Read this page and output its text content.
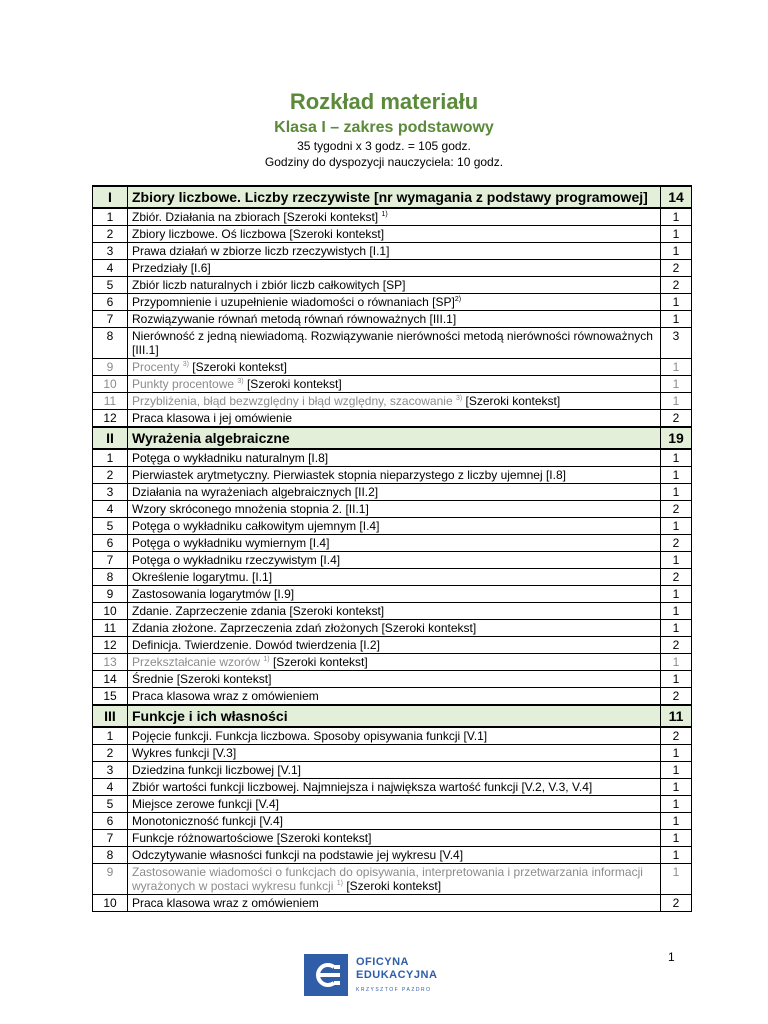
Rozkład materiału
Klasa I – zakres podstawowy
35 tygodni x 3 godz. = 105 godz.
Godziny do dyspozycji nauczyciela: 10 godz.
I	Zbiory liczbowe. Liczby rzeczywiste [nr wymagania z podstawy programowej]	14
1	Zbiór. Działania na zbiorach [Szeroki kontekst] $^{1)}$	1
2	Zbiory liczbowe. Oś liczbowa [Szeroki kontekst]	1
3	Prawa działań w zbiorze liczb rzeczywistych [I.1]	1
4	Przedziały [I.6]	2
5	Zbiór liczb naturalnych i zbiór liczb całkowitych [SP]	2
6	Przypomnienie i uzupełnienie wiadomości o równaniach [SP]$^{2)}$	1
7	Rozwiązywanie równań metodą równań równoważnych [III.1]	1
8	Nierówność z jedną niewiadomą. Rozwiązywanie nierówności metodą nierówności równoważnych [III.1]	3
9	Procenty $^{3)}$ [Szeroki kontekst]	1
10	Punkty procentowe $^{3)}$ [Szeroki kontekst]	1
11	Przybliżenia, błąd bezwzględny i błąd względny, szacowanie $^{3)}$ [Szeroki kontekst]	1
12	Praca klasowa i jej omówienie	2
II	Wyrażenia algebraiczne	19
1	Potęga o wykładniku naturalnym [I.8]	1
2	Pierwiastek arytmetyczny. Pierwiastek stopnia nieparzystego z liczby ujemnej [I.8]	1
3	Działania na wyrażeniach algebraicznych [II.2]	1
4	Wzory skróconego mnożenia stopnia 2. [II.1]	2
5	Potęga o wykładniku całkowitym ujemnym [I.4]	1
6	Potęga o wykładniku wymiernym [I.4]	2
7	Potęga o wykładniku rzeczywistym [I.4]	1
8	Określenie logarytmu. [I.1]	2
9	Zastosowania logarytmów [I.9]	1
10	Zdanie. Zaprzeczenie zdania [Szeroki kontekst]	1
11	Zdania złożone. Zaprzeczenia zdań złożonych [Szeroki kontekst]	1
12	Definicja. Twierdzenie. Dowód twierdzenia [I.2]	2
13	Przekształcanie wzorów $^{1)}$ [Szeroki kontekst]	1
14	Średnie [Szeroki kontekst]	1
15	Praca klasowa wraz z omówieniem	2
III	Funkcje i ich własności	11
1	Pojęcie funkcji. Funkcja liczbowa. Sposoby opisywania funkcji [V.1]	2
2	Wykres funkcji [V.3]	1
3	Dziedzina funkcji liczbowej [V.1]	1
4	Zbiór wartości funkcji liczbowej. Najmniejsza i największa wartość funkcji [V.2, V.3, V.4]	1
5	Miejsce zerowe funkcji [V.4]	1
6	Monotoniczność funkcji [V.4]	1
7	Funkcje różnowartościowe [Szeroki kontekst]	1
8	Odczytywanie własności funkcji na podstawie jej wykresu [V.4]	1
9	Zastosowanie wiadomości o funkcjach do opisywania, interpretowania i przetwarzania informacji wyrażonych w postaci wykresu funkcji $^{1)}$ [Szeroki kontekst]	1
10	Praca klasowa wraz z omówieniem	2
1
OFICYNA
EDUKACYJNA
KRZYSZTOF PAZDRO
